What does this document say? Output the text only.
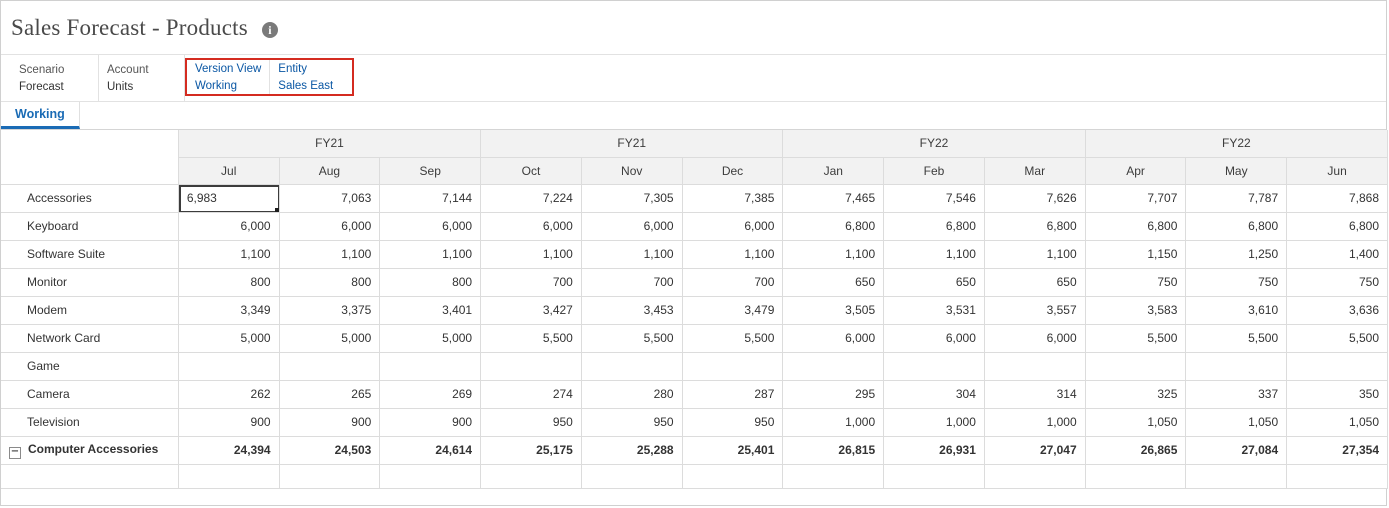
Sales Forecast - Products	i
Scenario
Forecast
Account
Units
Version View
Working
Entity
Sales East
Working
	FY21			FY21			FY22			FY22		
	Jul	Aug	Sep	Oct	Nov	Dec	Jan	Feb	Mar	Apr	May	Jun
Accessories	6,983	7,063	7,144	7,224	7,305	7,385	7,465	7,546	7,626	7,707	7,787	7,868
Keyboard	6,000	6,000	6,000	6,000	6,000	6,000	6,800	6,800	6,800	6,800	6,800	6,800
Software Suite	1,100	1,100	1,100	1,100	1,100	1,100	1,100	1,100	1,100	1,150	1,250	1,400
Monitor	800	800	800	700	700	700	650	650	650	750	750	750
Modem	3,349	3,375	3,401	3,427	3,453	3,479	3,505	3,531	3,557	3,583	3,610	3,636
Network Card	5,000	5,000	5,000	5,500	5,500	5,500	6,000	6,000	6,000	5,500	5,500	5,500
Game												
Camera	262	265	269	274	280	287	295	304	314	325	337	350
Television	900	900	900	950	950	950	1,000	1,000	1,000	1,050	1,050	1,050
− Computer Accessories	24,394	24,503	24,614	25,175	25,288	25,401	26,815	26,931	27,047	26,865	27,084	27,354
